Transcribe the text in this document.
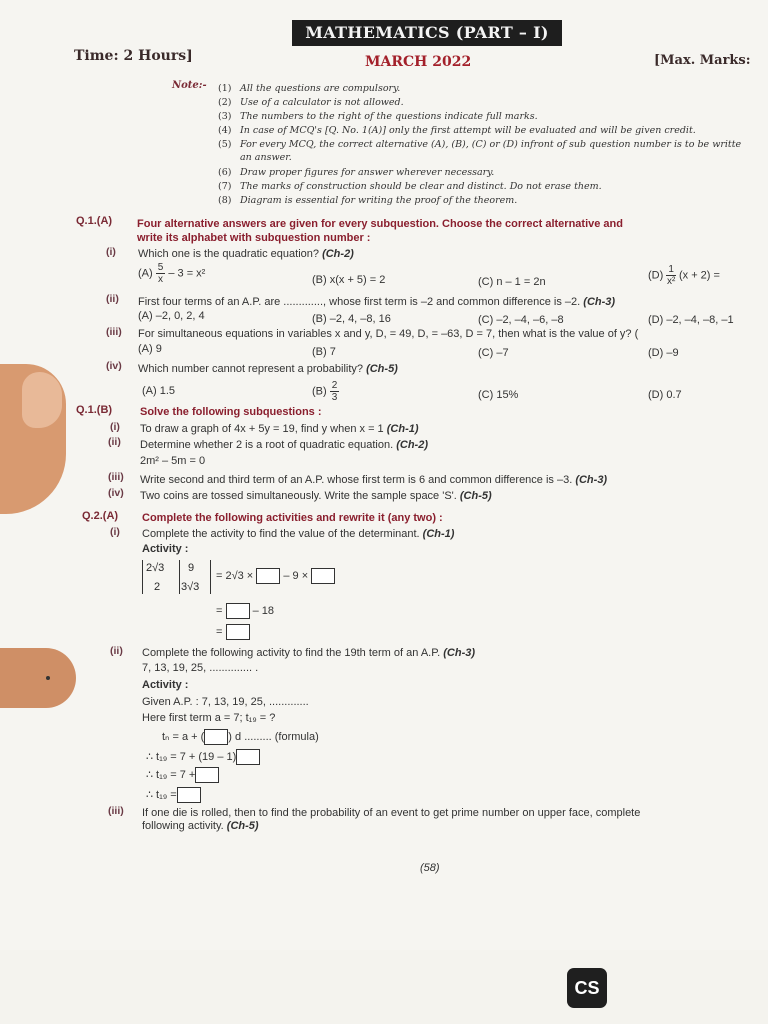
MATHEMATICS (PART – I)
Time: 2 Hours]	MARCH 2022	[Max. Marks:
Note:- (1) All the questions are compulsory.
(2) Use of a calculator is not allowed.
(3) The numbers to the right of the questions indicate full marks.
(4) In case of MCQ's [Q. No. 1(A)] only the first attempt will be evaluated and will be given credit.
(5) For every MCQ, the correct alternative (A), (B), (C) or (D) infront of sub question number is to be writte
an answer.
(6) Draw proper figures for answer wherever necessary.
(7) The marks of construction should be clear and distinct. Do not erase them.
(8) Diagram is essential for writing the proof of the theorem.
Q.1.(A) Four alternative answers are given for every subquestion. Choose the correct alternative and
write its alphabet with subquestion number :
(i) Which one is the quadratic equation? (Ch-2)
$(A) \frac{5}{x} - 3 = x^2$
(B) x(x + 5) = 2	(C) n – 1 = 2n
$(D) \frac{1}{\text{x²}} (x + 2)$ =
(ii) First four terms of an A.P. are ............., whose first term is –2 and common difference is –2. (Ch-3)
(A) –2, 0, 2, 4	(B) –2, 4, –8, 16	(C) –2, –4, –6, –8	(D) –2, –4, –8, –1
(iii) For simultaneous equations in variables x and y, D, = 49, D, = –63, D = 7, then what is the value of y? (
(A) 9	(B) 7	(C) –7	(D) –9
(iv) Which number cannot represent a probability? (Ch-5)
(A) 1.5	$(B) \frac{2}{3}$	(C) 15%	(D) 0.7
Q.1.(B)	Solve the following subquestions :
(i) To draw a graph of 4x + 5y = 19, find y when x = 1 (Ch-1)
(ii) Determine whether 2 is a root of quadratic equation. (Ch-2)
2m² – 5m = 0
(iii) Write second and third term of an A.P. whose first term is 6 and common difference is –3. (Ch-3)
(iv) Two coins are tossed simultaneously. Write the sample space 'S'. (Ch-5)
Q.2.(A) Complete the following activities and rewrite it (any two) :
(i) Complete the activity to find the value of the determinant. (Ch-1)
Activity :
2√3 9
2 3√3
= 2√3 ×	– 9 ×
=	– 18
=
(ii) Complete the following activity to find the 19th term of an A.P. (Ch-3)
7, 13, 19, 25, .............. .
Activity :
Given A.P. : 7, 13, 19, 25, .............
Here first term a = 7; t₁₉ = ?
tₙ = a + ( ) d ......... (formula)
∴ t₁₉ = 7 + (19 – 1)
∴ t₁₉ = 7 +
∴ t₁₉ =
(iii) If one die is rolled, then to find the probability of an event to get prime number on upper face, complete
following activity. (Ch-5)
(58)
CS
